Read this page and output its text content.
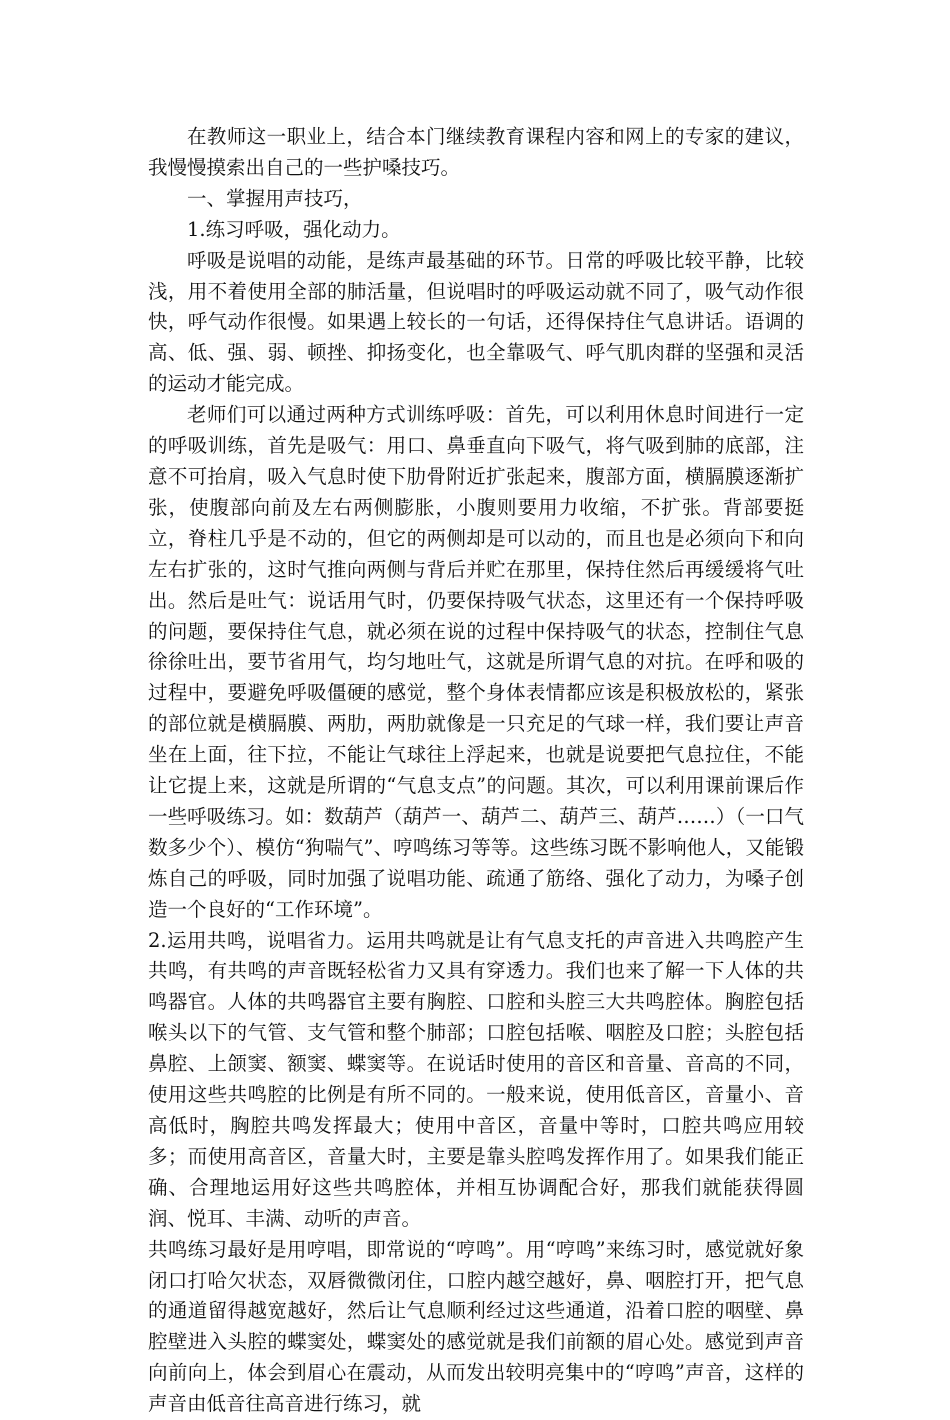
在教师这一职业上，结合本门继续教育课程内容和网上的专家的建议，我慢慢摸索出自己的一些护嗓技巧。

一、掌握用声技巧，

1.练习呼吸，强化动力。

呼吸是说唱的动能，是练声最基础的环节。日常的呼吸比较平静，比较浅，用不着使用全部的肺活量，但说唱时的呼吸运动就不同了，吸气动作很快，呼气动作很慢。如果遇上较长的一句话，还得保持住气息讲话。语调的高、低、强、弱、顿挫、抑扬变化，也全靠吸气、呼气肌肉群的坚强和灵活的运动才能完成。

老师们可以通过两种方式训练呼吸：首先，可以利用休息时间进行一定的呼吸训练，首先是吸气：用口、鼻垂直向下吸气，将气吸到肺的底部，注意不可抬肩，吸入气息时使下肋骨附近扩张起来，腹部方面，横膈膜逐渐扩张，使腹部向前及左右两侧膨胀，小腹则要用力收缩，不扩张。背部要挺立，脊柱几乎是不动的，但它的两侧却是可以动的，而且也是必须向下和向左右扩张的，这时气推向两侧与背后并贮在那里，保持住然后再缓缓将气吐出。然后是吐气：说话用气时，仍要保持吸气状态，这里还有一个保持呼吸的问题，要保持住气息，就必须在说的过程中保持吸气的状态，控制住气息徐徐吐出，要节省用气，均匀地吐气，这就是所谓气息的对抗。在呼和吸的过程中，要避免呼吸僵硬的感觉，整个身体表情都应该是积极放松的，紧张的部位就是横膈膜、两肋，两肋就像是一只充足的气球一样，我们要让声音坐在上面，往下拉，不能让气球往上浮起来，也就是说要把气息拉住，不能让它提上来，这就是所谓的“气息支点”的问题。其次，可以利用课前课后作一些呼吸练习。如：数葫芦（葫芦一、葫芦二、葫芦三、葫芦……）（一口气数多少个）、模仿“狗喘气”、哼鸣练习等等。这些练习既不影响他人，又能锻炼自己的呼吸，同时加强了说唱功能、疏通了筋络、强化了动力，为嗓子创造一个良好的“工作环境”。

2.运用共鸣，说唱省力。运用共鸣就是让有气息支托的声音进入共鸣腔产生共鸣，有共鸣的声音既轻松省力又具有穿透力。我们也来了解一下人体的共鸣器官。人体的共鸣器官主要有胸腔、口腔和头腔三大共鸣腔体。胸腔包括喉头以下的气管、支气管和整个肺部；口腔包括喉、咽腔及口腔；头腔包括鼻腔、上颌窦、额窦、蝶窦等。在说话时使用的音区和音量、音高的不同，使用这些共鸣腔的比例是有所不同的。一般来说，使用低音区，音量小、音高低时，胸腔共鸣发挥最大；使用中音区，音量中等时，口腔共鸣应用较多；而使用高音区，音量大时，主要是靠头腔鸣发挥作用了。如果我们能正确、合理地运用好这些共鸣腔体，并相互协调配合好，那我们就能获得圆润、悦耳、丰满、动听的声音。

共鸣练习最好是用哼唱，即常说的“哼鸣”。用“哼鸣”来练习时，感觉就好象闭口打哈欠状态，双唇微微闭住，口腔内越空越好，鼻、咽腔打开，把气息的通道留得越宽越好，然后让气息顺利经过这些通道，沿着口腔的咽壁、鼻腔壁进入头腔的蝶窦处，蝶窦处的感觉就是我们前额的眉心处。感觉到声音向前向上，体会到眉心在震动，从而发出较明亮集中的“哼鸣”声音，这样的声音由低音往高音进行练习，就
